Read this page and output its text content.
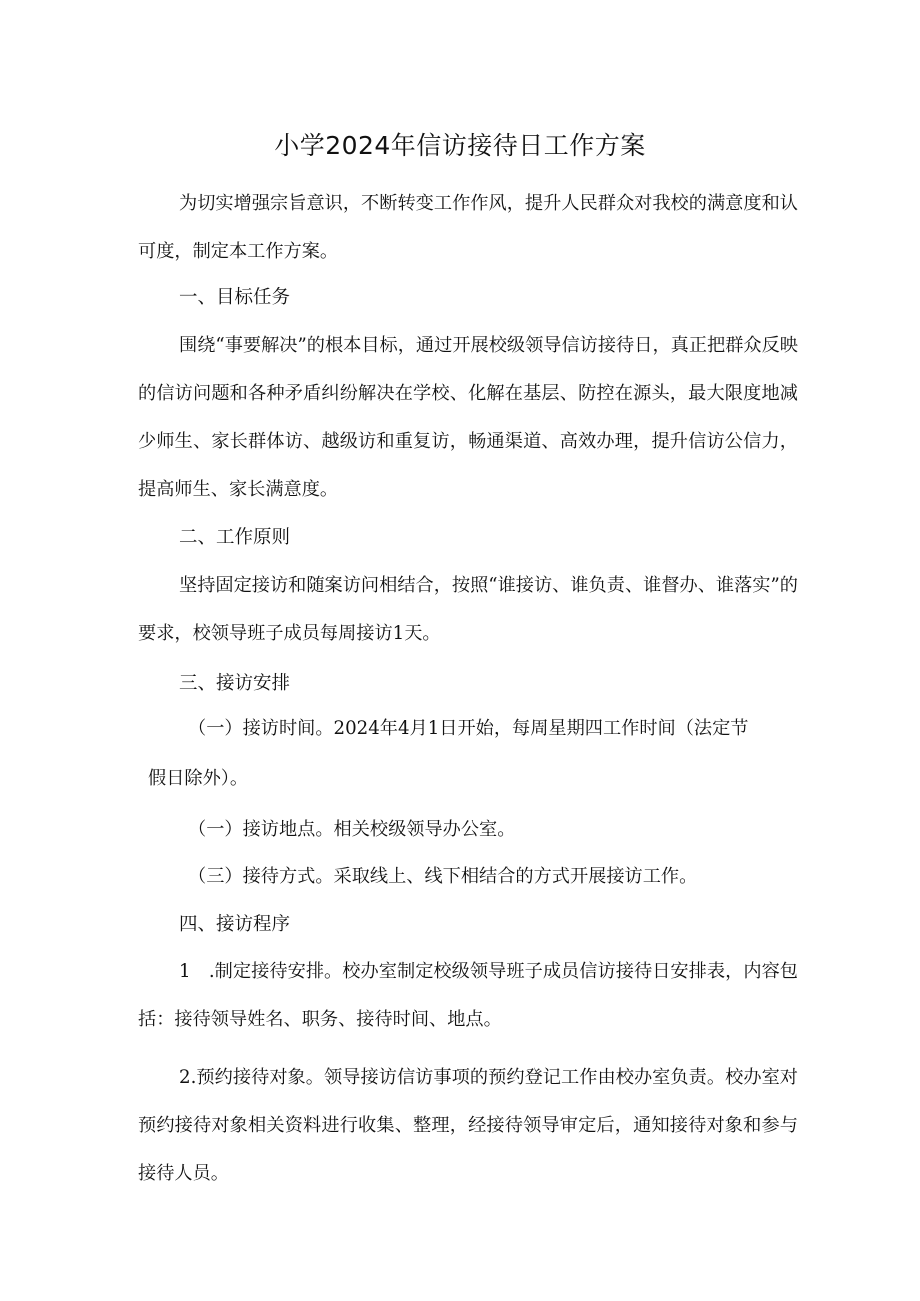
小学2024年信访接待日工作方案

为切实增强宗旨意识，不断转变工作作风，提升人民群众对我校的满意度和认可度，制定本工作方案。

一、目标任务

围绕“事要解决”的根本目标，通过开展校级领导信访接待日，真正把群众反映的信访问题和各种矛盾纠纷解决在学校、化解在基层、防控在源头，最大限度地减少师生、家长群体访、越级访和重复访，畅通渠道、高效办理，提升信访公信力，提高师生、家长满意度。

二、工作原则

坚持固定接访和随案访问相结合，按照“谁接访、谁负责、谁督办、谁落实”的要求，校领导班子成员每周接访1天。

三、接访安排

（一）接访时间。2024年4月1日开始，每周星期四工作时间（法定节

假日除外）。

（一）接访地点。相关校级领导办公室。

（三）接待方式。采取线上、线下相结合的方式开展接访工作。

四、接访程序

1　.制定接待安排。校办室制定校级领导班子成员信访接待日安排表，内容包括：接待领导姓名、职务、接待时间、地点。

2.预约接待对象。领导接访信访事项的预约登记工作由校办室负责。校办室对预约接待对象相关资料进行收集、整理，经接待领导审定后，通知接待对象和参与接待人员。
